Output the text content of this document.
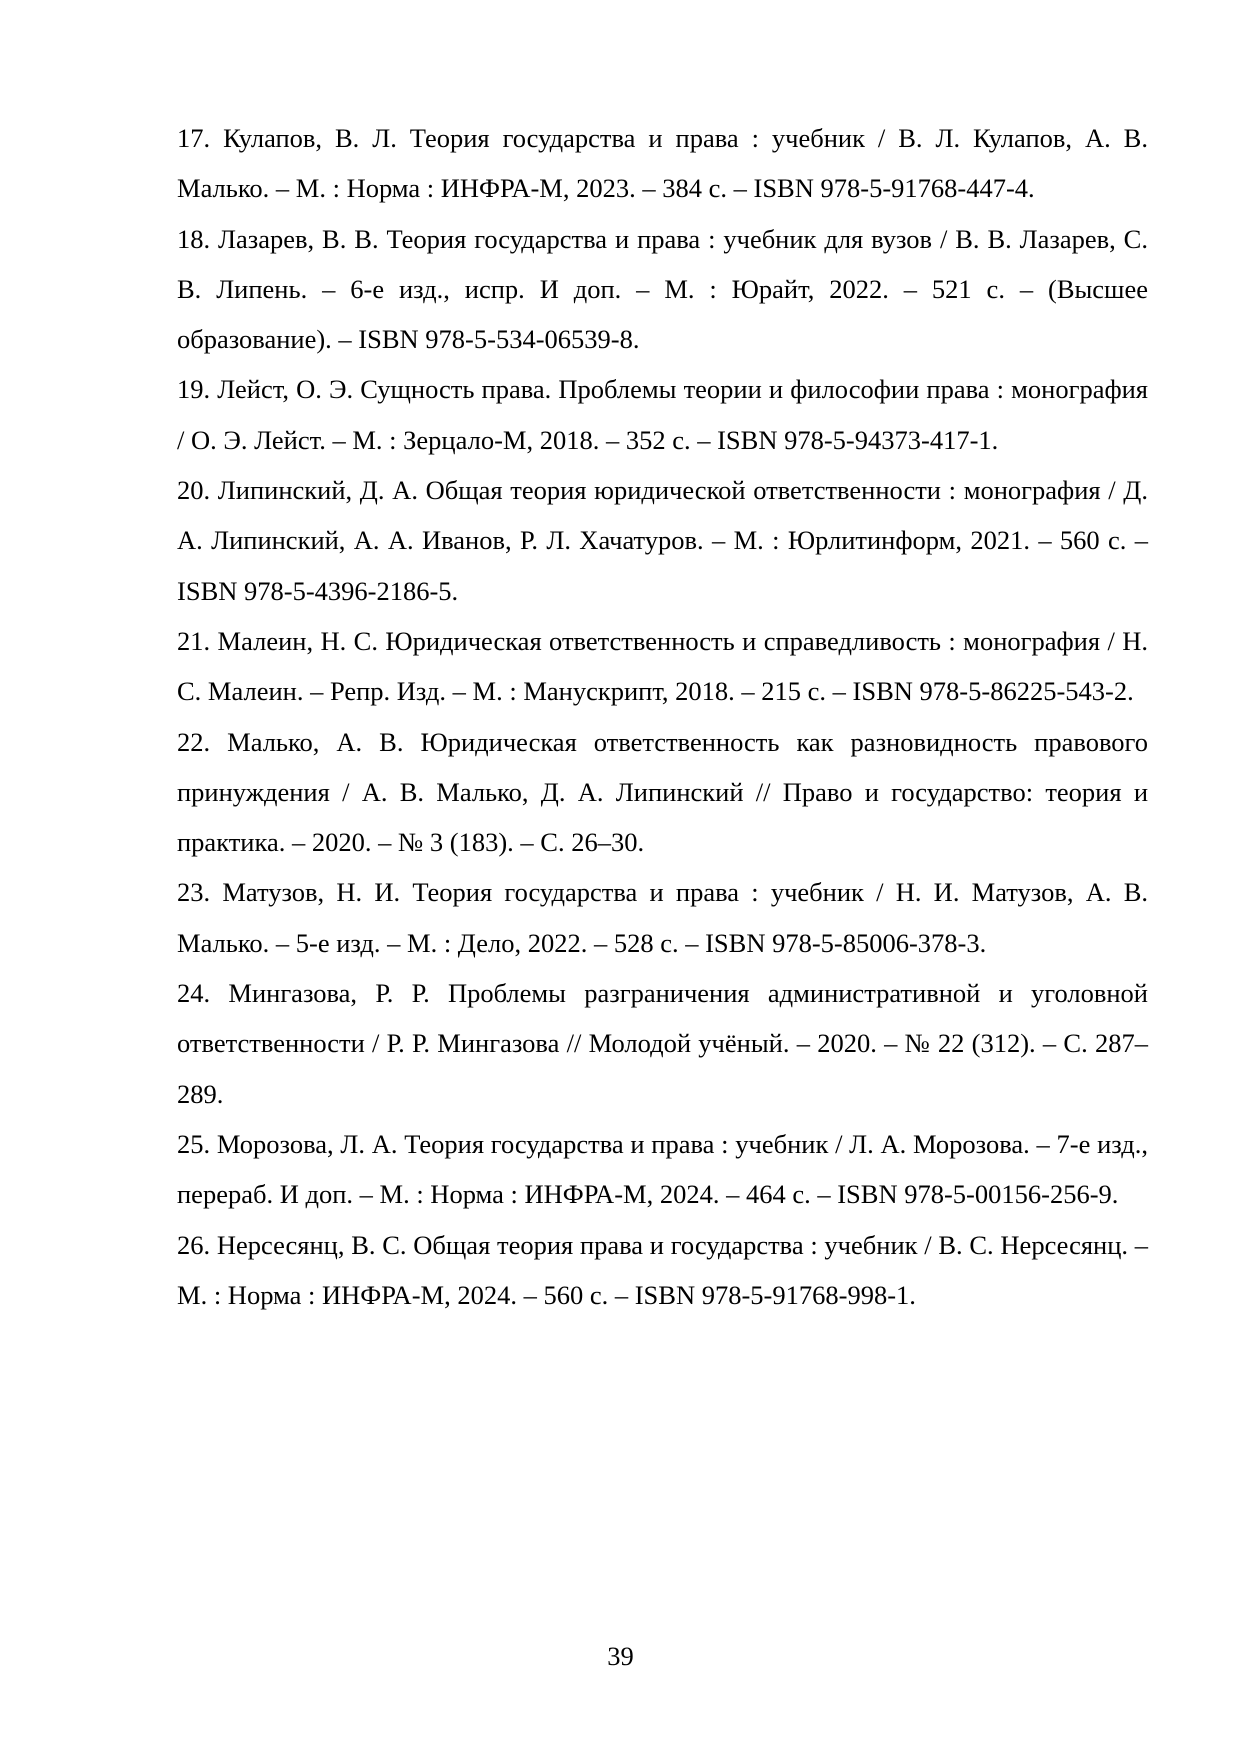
17. Кулапов, В. Л. Теория государства и права : учебник / В. Л. Кулапов, А. В. Малько. – М. : Норма : ИНФРА-М, 2023. – 384 с. – ISBN 978-5-91768-447-4.
18. Лазарев, В. В. Теория государства и права : учебник для вузов / В. В. Лазарев, С. В. Липень. – 6-е изд., испр. И доп. – М. : Юрайт, 2022. – 521 с. – (Высшее образование). – ISBN 978-5-534-06539-8.
19. Лейст, О. Э. Сущность права. Проблемы теории и философии права : монография / О. Э. Лейст. – М. : Зерцало-М, 2018. – 352 с. – ISBN 978-5-94373-417-1.
20. Липинский, Д. А. Общая теория юридической ответственности : монография / Д. А. Липинский, А. А. Иванов, Р. Л. Хачатуров. – М. : Юрлитинформ, 2021. – 560 с. – ISBN 978-5-4396-2186-5.
21. Малеин, Н. С. Юридическая ответственность и справедливость : монография / Н. С. Малеин. – Репр. Изд. – М. : Манускрипт, 2018. – 215 с. – ISBN 978-5-86225-543-2.
22. Малько, А. В. Юридическая ответственность как разновидность правового принуждения / А. В. Малько, Д. А. Липинский // Право и государство: теория и практика. – 2020. – № 3 (183). – С. 26–30.
23. Матузов, Н. И. Теория государства и права : учебник / Н. И. Матузов, А. В. Малько. – 5-е изд. – М. : Дело, 2022. – 528 с. – ISBN 978-5-85006-378-3.
24. Мингазова, Р. Р. Проблемы разграничения административной и уголовной ответственности / Р. Р. Мингазова // Молодой учёный. – 2020. – № 22 (312). – С. 287–289.
25. Морозова, Л. А. Теория государства и права : учебник / Л. А. Морозова. – 7-е изд., перераб. И доп. – М. : Норма : ИНФРА-М, 2024. – 464 с. – ISBN 978-5-00156-256-9.
26. Нерсесянц, В. С. Общая теория права и государства : учебник / В. С. Нерсесянц. – М. : Норма : ИНФРА-М, 2024. – 560 с. – ISBN 978-5-91768-998-1.
39
